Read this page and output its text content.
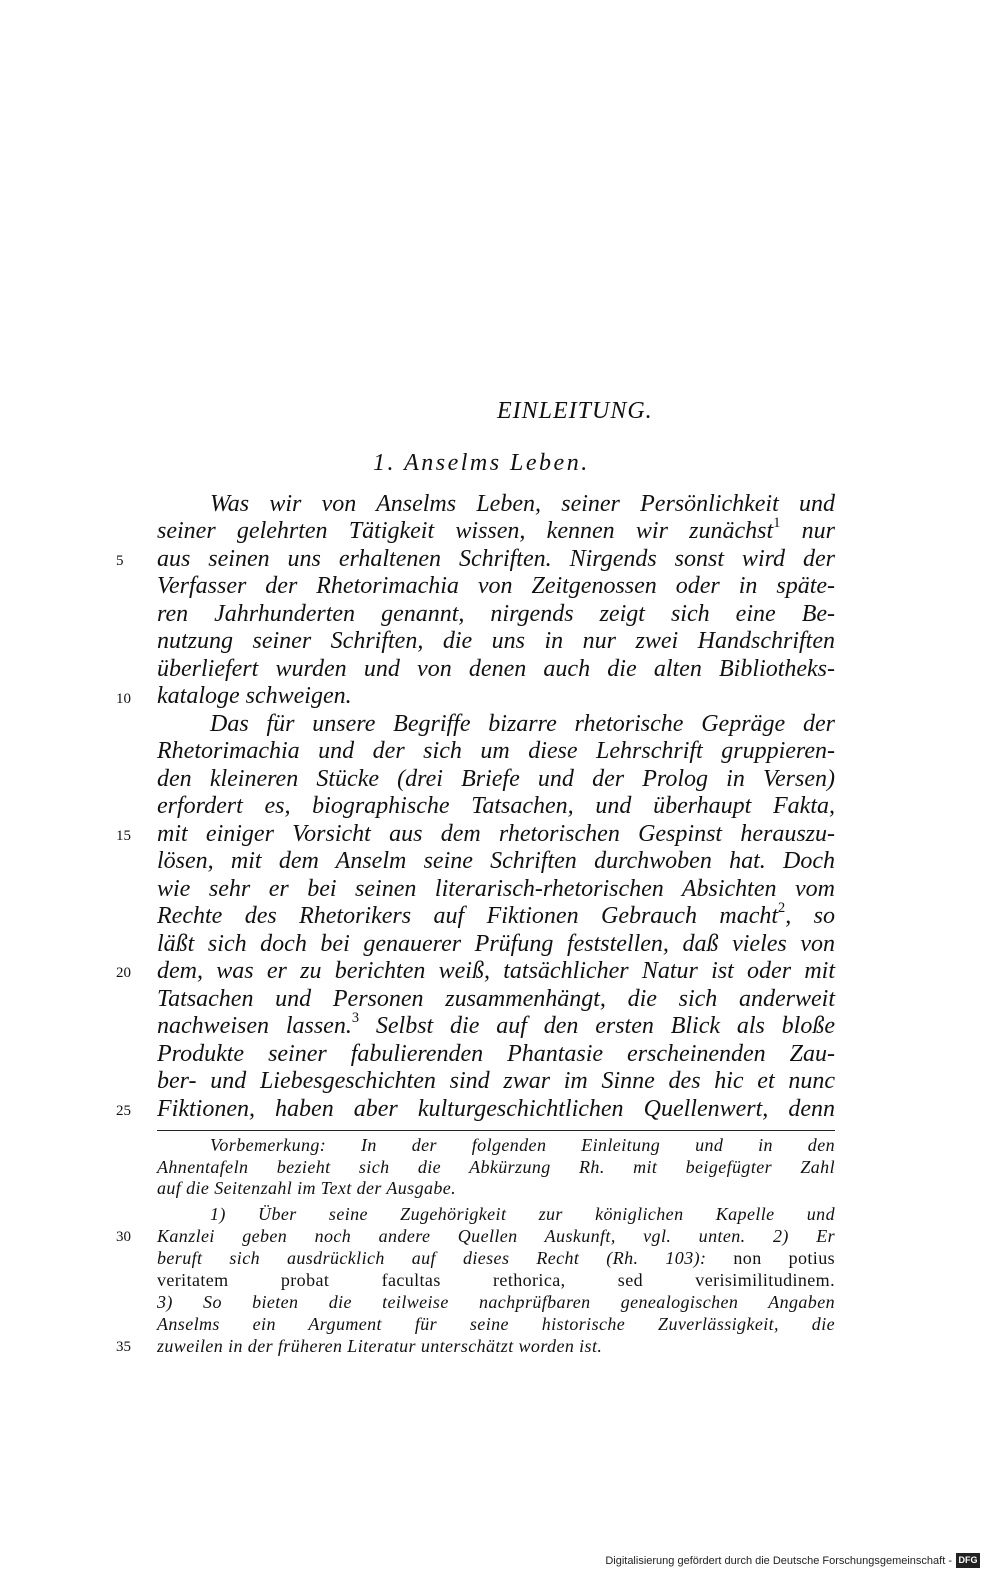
EINLEITUNG.
1. Anselms Leben.
Was wir von Anselms Leben, seiner Persönlichkeit und
seiner gelehrten Tätigkeit wissen, kennen wir zunächst$^1$ nur
aus seinen uns erhaltenen Schriften. Nirgends sonst wird der
Verfasser der Rhetorimachia von Zeitgenossen oder in späte-
ren Jahrhunderten genannt, nirgends zeigt sich eine Be-
nutzung seiner Schriften, die uns in nur zwei Handschriften
überliefert wurden und von denen auch die alten Bibliotheks-
kataloge schweigen.
Das für unsere Begriffe bizarre rhetorische Gepräge der
Rhetorimachia und der sich um diese Lehrschrift gruppieren-
den kleineren Stücke (drei Briefe und der Prolog in Versen)
erfordert es, biographische Tatsachen, und überhaupt Fakta,
mit einiger Vorsicht aus dem rhetorischen Gespinst herauszu-
lösen, mit dem Anselm seine Schriften durchwoben hat. Doch
wie sehr er bei seinen literarisch-rhetorischen Absichten vom
Rechte des Rhetorikers auf Fiktionen Gebrauch macht$^2$, so
läßt sich doch bei genauerer Prüfung feststellen, daß vieles von
dem, was er zu berichten weiß, tatsächlicher Natur ist oder mit
Tatsachen und Personen zusammenhängt, die sich anderweit
nachweisen lassen.$^3$ Selbst die auf den ersten Blick als bloße
Produkte seiner fabulierenden Phantasie erscheinenden Zau-
ber- und Liebesgeschichten sind zwar im Sinne des hic et nunc
Fiktionen, haben aber kulturgeschichtlichen Quellenwert, denn
Vorbemerkung: In der folgenden Einleitung und in den
Ahnentafeln bezieht sich die Abkürzung Rh. mit beigefügter Zahl
auf die Seitenzahl im Text der Ausgabe.
1) Über seine Zugehörigkeit zur königlichen Kapelle und
Kanzlei geben noch andere Quellen Auskunft, vgl. unten. 2) Er
beruft sich ausdrücklich auf dieses Recht (Rh. 103): non potius
veritatem probat facultas rethorica, sed verisimilitudinem.
3) So bieten die teilweise nachprüfbaren genealogischen Angaben
Anselms ein Argument für seine historische Zuverlässigkeit, die
zuweilen in der früheren Literatur unterschätzt worden ist.
5
10
15
20
25
30
35
Digitalisierung gefördert durch die Deutsche Forschungsgemeinschaft - DFG
